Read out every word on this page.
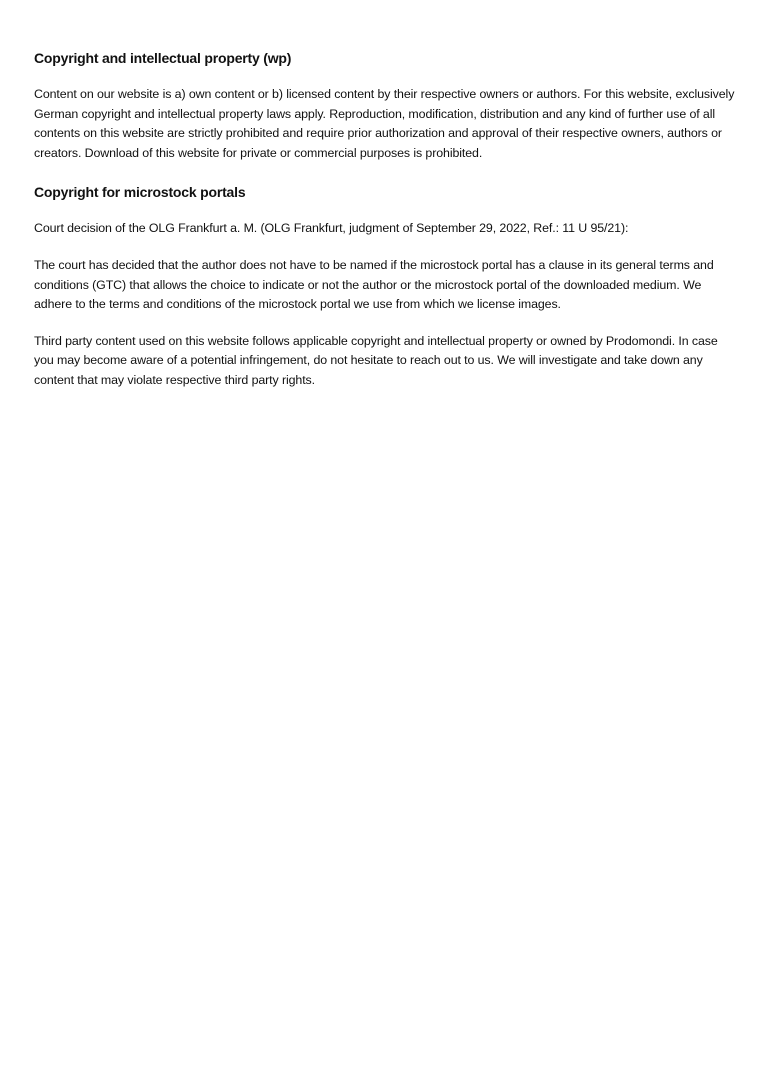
Copyright and intellectual property (wp)

Content on our website is a) own content or b) licensed content by their respective owners or authors. For this website, exclusively German copyright and intellectual property laws apply. Reproduction, modification, distribution and any kind of further use of all contents on this website are strictly prohibited and require prior authorization and approval of their respective owners, authors or creators. Download of this website for private or commercial purposes is prohibited.

Copyright for microstock portals

Court decision of the OLG Frankfurt a. M. (OLG Frankfurt, judgment of September 29, 2022, Ref.: 11 U 95/21):

The court has decided that the author does not have to be named if the microstock portal has a clause in its general terms and conditions (GTC) that allows the choice to indicate or not the author or the microstock portal of the downloaded medium. We adhere to the terms and conditions of the microstock portal we use from which we license images.

Third party content used on this website follows applicable copyright and intellectual property or owned by Prodomondi. In case you may become aware of a potential infringement, do not hesitate to reach out to us. We will investigate and take down any content that may violate respective third party rights.
